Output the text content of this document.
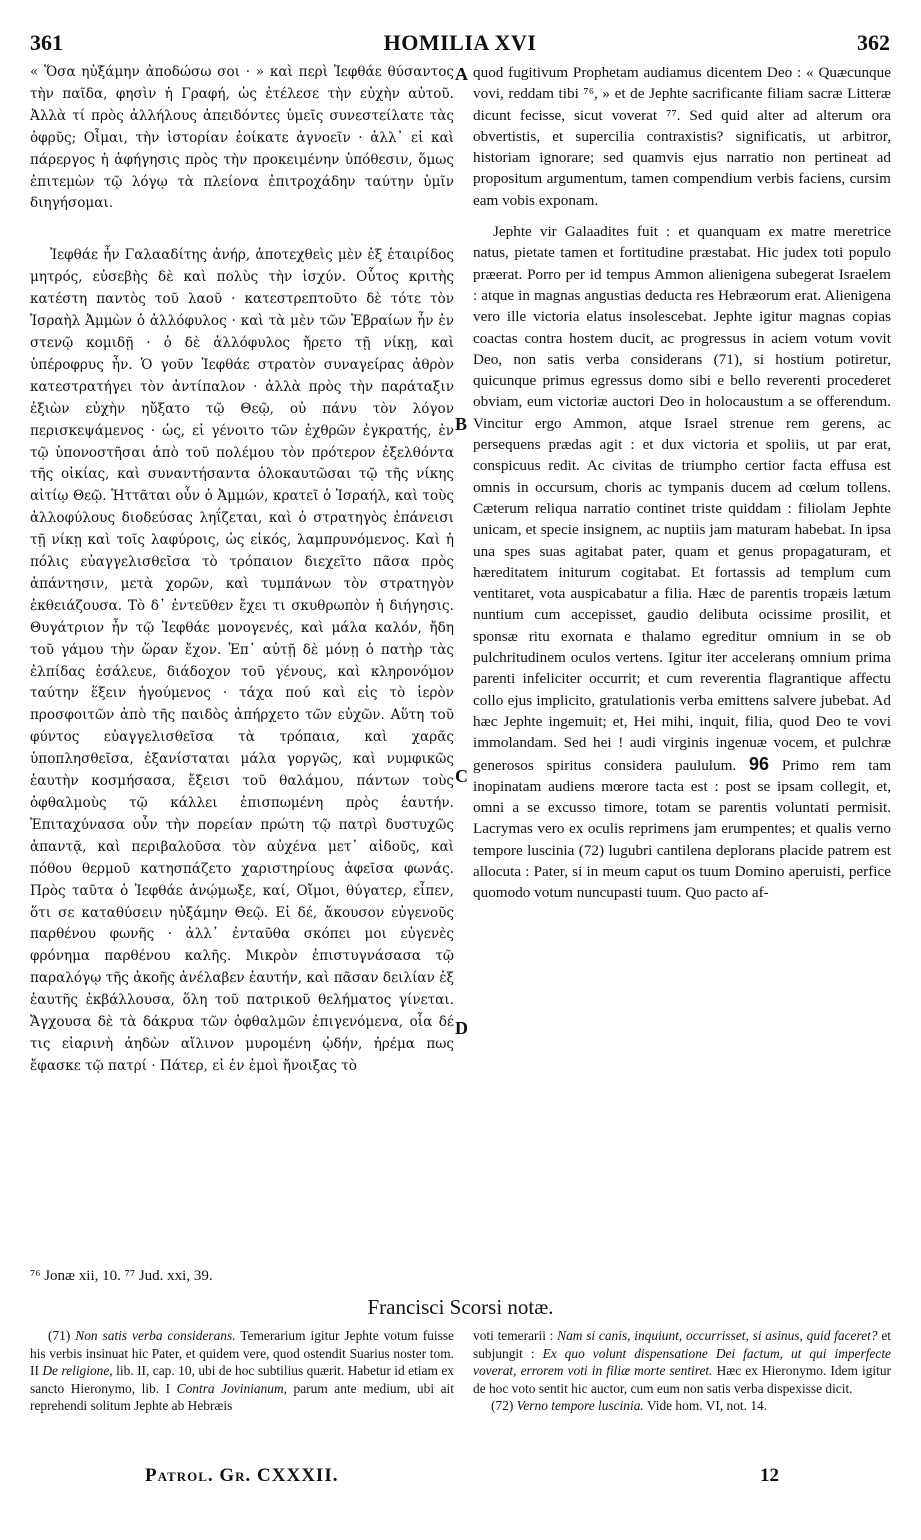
361	HOMILIA XVI	362

« Ὅσα ηὐξάμην ἀποδώσω σοι · » καὶ περὶ Ἰεφθάε θύσαντος τὴν παῖδα, φησὶν ἡ Γραφή, ὡς ἐτέλεσε τὴν εὐχὴν αὐτοῦ. Ἀλλὰ τί πρὸς ἀλλήλους ἀπειδόντες ὑμεῖς συνεστείλατε τὰς ὀφρῦς; Οἶμαι, τὴν ἱστορίαν ἐοίκατε ἀγνοεῖν · ἀλλ᾽ εἰ καὶ πάρεργος ἡ ἀφήγησις πρὸς τὴν προκειμένην ὑπόθεσιν, ὅμως ἐπιτεμὼν τῷ λόγῳ τὰ πλείονα ἐπιτροχάδην ταύτην ὑμῖν διηγήσομαι.

Ἰεφθάε ἦν Γαλααδίτης ἀνήρ, ἀποτεχθεὶς μὲν ἐξ ἑταιρίδος μητρός, εὐσεβὴς δὲ καὶ πολὺς τὴν ἰσχύν. Οὗτος κριτὴς κατέστη παντὸς τοῦ λαοῦ · κατεστρεπτοῦτο δὲ τότε τὸν Ἰσραὴλ Ἀμμὼν ὁ ἀλλόφυλος · καὶ τὰ μὲν τῶν Ἑβραίων ἦν ἐν στενῷ κομιδῇ · ὁ δὲ ἀλλόφυλος ἤρετο τῇ νίκῃ, καὶ ὑπέροφρυς ἦν. Ὁ γοῦν Ἰεφθάε στρατὸν συναγείρας ἀθρὸν κατεστρατήγει τὸν ἀντίπαλον · ἀλλὰ πρὸς τὴν παράταξιν ἐξιὼν εὐχὴν ηὔξατο τῷ Θεῷ, οὐ πάνυ τὸν λόγον περισκεψάμενος · ὡς, εἰ γένοιτο τῶν ἐχθρῶν ἐγκρατής, ἐν τῷ ὑπονοστῆσαι ἀπὸ τοῦ πολέμου τὸν πρότερον ἐξελθόντα τῆς οἰκίας, καὶ συναντήσαντα ὁλοκαυτῶσαι τῷ τῆς νίκης αἰτίῳ Θεῷ. Ἡττᾶται οὖν ὁ Ἀμμών, κρατεῖ ὁ Ἰσραήλ, καὶ τοὺς ἀλλοφύλους διοδεύσας ληΐζεται, καὶ ὁ στρατηγὸς ἐπάνεισι τῇ νίκῃ καὶ τοῖς λαφύροις, ὡς εἰκός, λαμπρυνόμενος. Καὶ ἡ πόλις εὐαγγελισθεῖσα τὸ τρόπαιον διεχεῖτο πᾶσα πρὸς ἀπάντησιν, μετὰ χορῶν, καὶ τυμπάνων τὸν στρατηγὸν ἐκθειάζουσα. Τὸ δ᾽ ἐντεῦθεν ἔχει τι σκυθρωπὸν ἡ διήγησις. Θυγάτριον ἦν τῷ Ἰεφθάε μονογενές, καὶ μάλα καλόν, ἤδη τοῦ γάμου τὴν ὥραν ἔχον. Ἐπ᾽ αὐτῇ δὲ μόνῃ ὁ πατὴρ τὰς ἐλπίδας ἐσάλευε, διάδοχον τοῦ γένους, καὶ κληρονόμον ταύτην ἕξειν ἡγούμενος · τάχα πού καὶ εἰς τὸ ἱερὸν προσφοιτῶν ἀπὸ τῆς παιδὸς ἀπήρχετο τῶν εὐχῶν. Αὕτη τοῦ φύντος εὐαγγελισθεῖσα τὰ τρόπαια, καὶ χαρᾶς ὑποπλησθεῖσα, ἐξανίσταται μάλα γοργῶς, καὶ νυμφικῶς ἑαυτὴν κοσμήσασα, ἔξεισι τοῦ θαλάμου, πάντων τοὺς ὀφθαλμοὺς τῷ κάλλει ἐπισπωμένη πρὸς ἑαυτήν. Ἐπιταχύνασα οὖν τὴν πορείαν πρώτη τῷ πατρὶ δυστυχῶς ἀπαντᾷ, καὶ περιβαλοῦσα τὸν αὐχένα μετ᾽ αἰδοῦς, καὶ πόθου θερμοῦ κατησπάζετο χαριστηρίους ἀφεῖσα φωνάς. Πρὸς ταῦτα ὁ Ἰεφθάε ἀνῴμωξε, καί, Οἴμοι, θύγατερ, εἶπεν, ὅτι σε καταθύσειν ηὐξάμην Θεῷ. Εἰ δέ, ἄκουσον εὐγενοῦς παρθένου φωνῆς · ἀλλ᾽ ἐνταῦθα σκόπει μοι εὐγενὲς φρόνημα παρθένου καλῆς. Μικρὸν ἐπιστυγνάσασα τῷ παραλόγῳ τῆς ἀκοῆς ἀνέλαβεν ἑαυτήν, καὶ πᾶσαν δειλίαν ἐξ ἑαυτῆς ἐκβάλλουσα, ὅλη τοῦ πατρικοῦ θελήματος γίνεται. Ἄγχουσα δὲ τὰ δάκρυα τῶν ὀφθαλμῶν ἐπιγενόμενα, οἷα δέ τις εἰαρινὴ ἀηδὼν αἴλινον μυρομένη ᾠδήν, ἠρέμα πως ἔφασκε τῷ πατρί · Πάτερ, εἰ ἐν ἐμοὶ ἤνοιξας τὸ

quod fugitivum Prophetam audiamus dicentem Deo : « Quæcunque vovi, reddam tibi ⁷⁶, » et de Jephte sacrificante filiam sacræ Litteræ dicunt fecisse, sicut voverat ⁷⁷. Sed quid alter ad alterum ora obvertistis, et supercilia contraxistis? significatis, ut arbitror, historiam ignorare; sed quamvis ejus narratio non pertineat ad propositum argumentum, tamen compendium verbis faciens, cursim eam vobis exponam.

Jephte vir Galaadites fuit : et quanquam ex matre meretrice natus, pietate tamen et fortitudine præstabat. Hic judex toti populo præerat. Porro per id tempus Ammon alienigena subegerat Israelem : atque in magnas angustias deducta res Hebræorum erat. Alienigena vero ille victoria elatus insolescebat. Jephte igitur magnas copias coactas contra hostem ducit, ac progressus in aciem votum vovit Deo, non satis verba considerans (71), si hostium potiretur, quicunque primus egressus domo sibi e bello reverenti procederet obviam, eum victoriæ auctori Deo in holocaustum a se offerendum. Vincitur ergo Ammon, atque Israel strenue rem gerens, ac persequens prædas agit : et dux victoria et spoliis, ut par erat, conspicuus redit. Ac civitas de triumpho certior facta effusa est omnis in occursum, choris ac tympanis ducem ad cœlum tollens. Cæterum reliqua narratio continet triste quiddam : filiolam Jephte unicam, et specie insignem, ac nuptiis jam maturam habebat. In ipsa una spes suas agitabat pater, quam et genus propagaturam, et hæreditatem initurum cogitabat. Et fortassis ad templum cum ventitaret, vota auspicabatur a filia. Hæc de parentis tropæis lætum nuntium cum accepisset, gaudio delibuta ocissime prosilit, et sponsæ ritu exornata e thalamo egreditur omnium in se ob pulchritudinem oculos vertens. Igitur iter acceleranș omnium prima parenti infeliciter occurrit; et cum reverentia flagrantique affectu collo ejus implicito, gratulationis verba emittens salvere jubebat. Ad hæc Jephte ingemuit; et, Hei mihi, inquit, filia, quod Deo te vovi immolandam. Sed hei ! audi virginis ingenuæ vocem, et pulchræ generosos spiritus considera paululum. 96 Primo rem tam inopinatam audiens mœrore tacta est : post se ipsam collegit, et, omni a se excusso timore, totam se parentis voluntati permisit. Lacrymas vero ex oculis reprimens jam erumpentes; et qualis verno tempore luscinia (72) lugubri cantilena deplorans placide patrem est allocuta : Pater, si in meum caput os tuum Domino aperuisti, perfice quomodo votum nuncupasti tuum. Quo pacto af-

A
B
C
D
⁷⁶ Jonæ xii, 10. ⁷⁷ Jud. xxi, 39.
Francisci Scorsi notæ.

(71) Non satis verba considerans. Temerarium igitur Jephte votum fuisse his verbis insinuat hic Pater, et quidem vere, quod ostendit Suarius noster tom. II De religione, lib. II, cap. 10, ubi de hoc subtilius quærit. Habetur id etiam ex sancto Hieronymo, lib. I Contra Jovinianum, parum ante medium, ubi ait reprehendi solitum Jephte ab Hebræis

voti temerarii : Nam si canis, inquiunt, occurrisset, si asinus, quid faceret? et subjungit : Ex quo volunt dispensatione Dei factum, ut qui imperfecte voverat, errorem voti in filiæ morte sentiret. Hæc ex Hieronymo. Idem igitur de hoc voto sentit hic auctor, cum eum non satis verba dispexisse dicit.

(72) Verno tempore luscinia. Vide hom. VI, not. 14.

Patrol. Gr. CXXXII.	12
